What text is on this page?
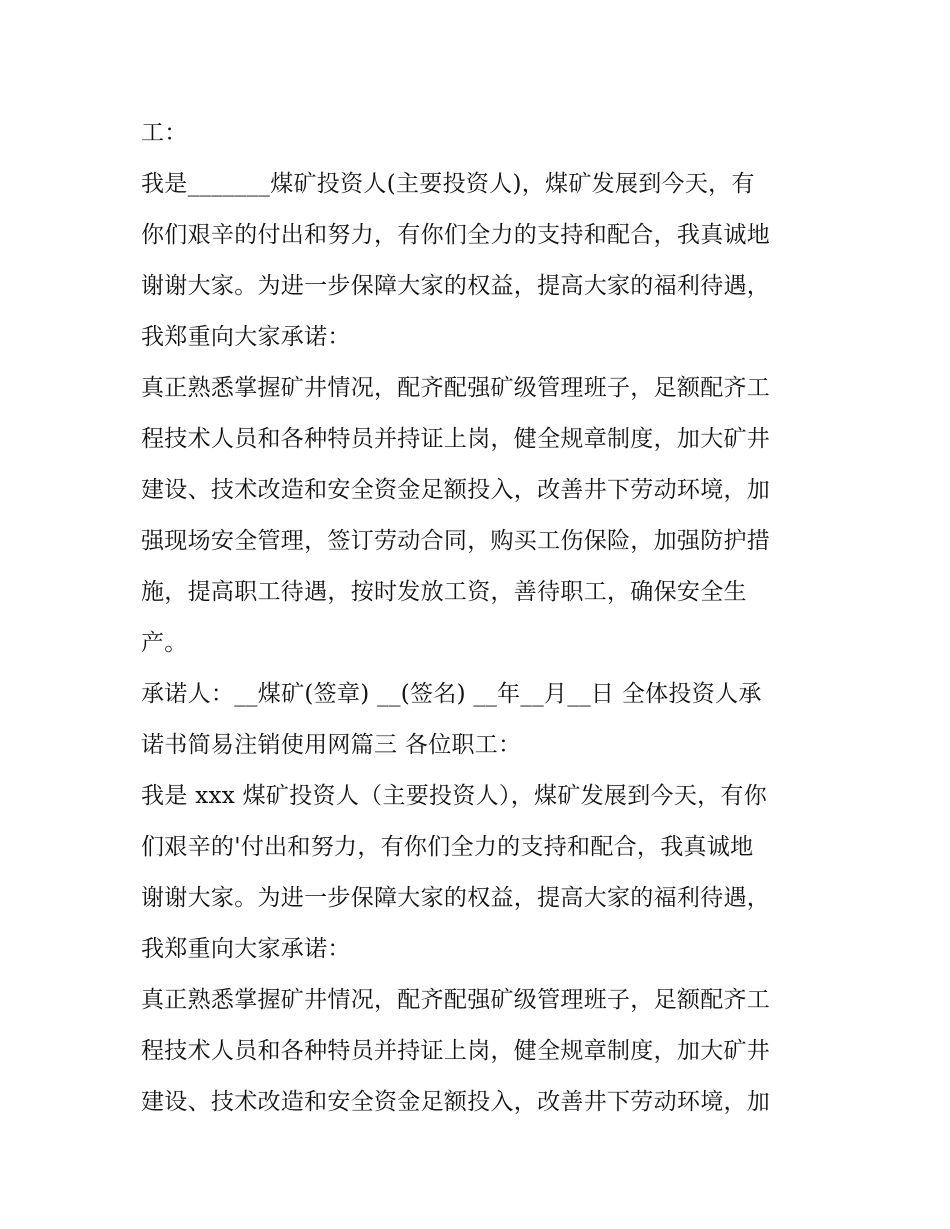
工：
我是_______煤矿投资人(主要投资人)，煤矿发展到今天，有
你们艰辛的付出和努力，有你们全力的支持和配合，我真诚地
谢谢大家。为进一步保障大家的权益，提高大家的福利待遇，
我郑重向大家承诺：
真正熟悉掌握矿井情况，配齐配强矿级管理班子，足额配齐工
程技术人员和各种特员并持证上岗，健全规章制度，加大矿井
建设、技术改造和安全资金足额投入，改善井下劳动环境，加
强现场安全管理，签订劳动合同，购买工伤保险，加强防护措
施，提高职工待遇，按时发放工资，善待职工，确保安全生
产。
承诺人：__煤矿(签章) __(签名) __年__月__日 全体投资人承
诺书简易注销使用网篇三 各位职工：
我是 xxx 煤矿投资人（主要投资人），煤矿发展到今天，有你
们艰辛的'付出和努力，有你们全力的支持和配合，我真诚地
谢谢大家。为进一步保障大家的权益，提高大家的福利待遇，
我郑重向大家承诺：
真正熟悉掌握矿井情况，配齐配强矿级管理班子，足额配齐工
程技术人员和各种特员并持证上岗，健全规章制度，加大矿井
建设、技术改造和安全资金足额投入，改善井下劳动环境，加
